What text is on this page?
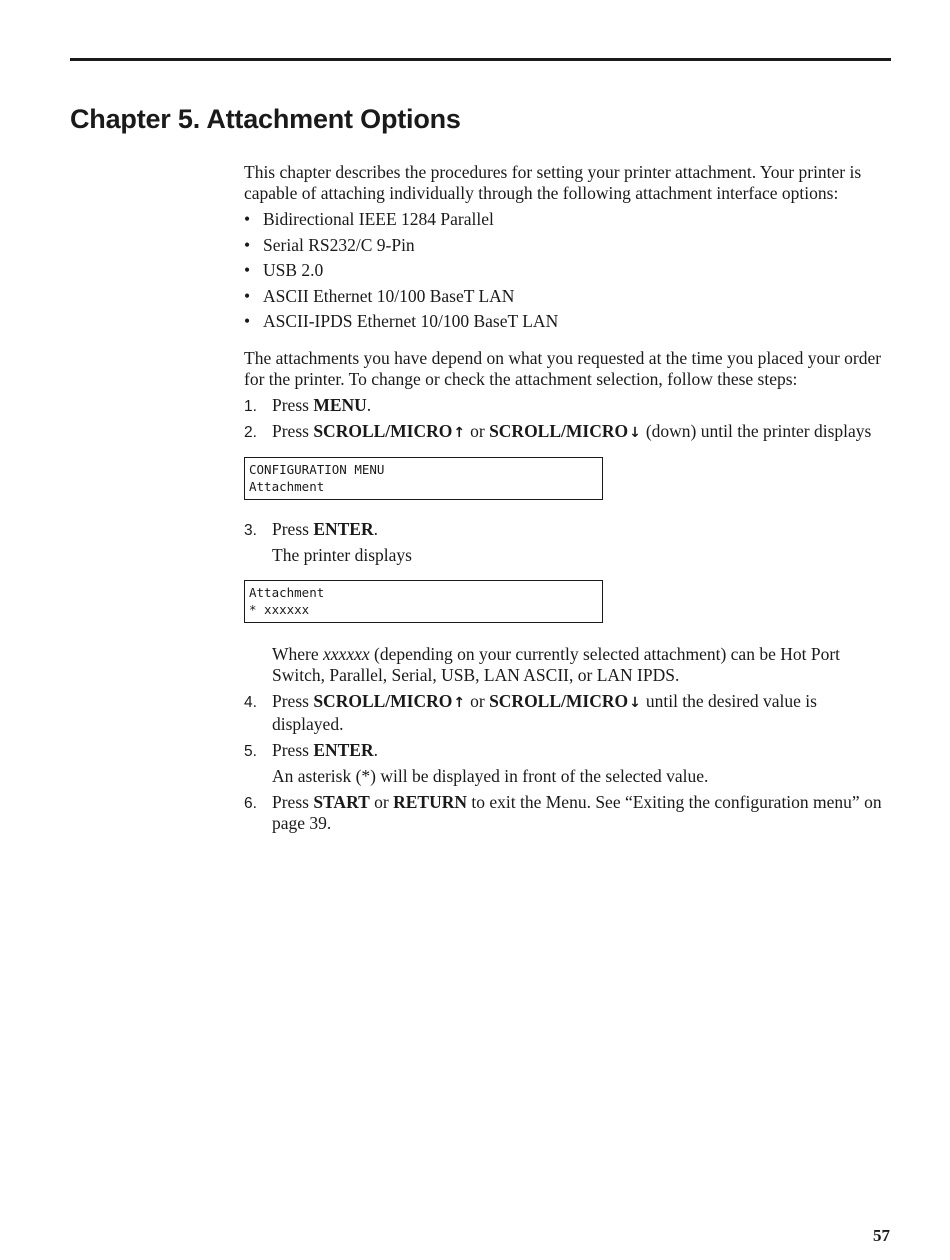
Chapter 5. Attachment Options

This chapter describes the procedures for setting your printer attachment. Your printer is capable of attaching individually through the following attachment interface options:

• Bidirectional IEEE 1284 Parallel
• Serial RS232/C 9-Pin
• USB 2.0
• ASCII Ethernet 10/100 BaseT LAN
• ASCII-IPDS Ethernet 10/100 BaseT LAN

The attachments you have depend on what you requested at the time you placed your order for the printer. To change or check the attachment selection, follow these steps:

1. Press MENU.
2. Press SCROLL/MICRO↑ or SCROLL/MICRO↓ (down) until the printer displays
CONFIGURATION MENU
Attachment
3. Press ENTER.
The printer displays
Attachment
* xxxxxx
Where xxxxxx (depending on your currently selected attachment) can be Hot Port Switch, Parallel, Serial, USB, LAN ASCII, or LAN IPDS.
4. Press SCROLL/MICRO↑ or SCROLL/MICRO↓ until the desired value is displayed.
5. Press ENTER.
An asterisk (*) will be displayed in front of the selected value.
6. Press START or RETURN to exit the Menu. See “Exiting the configuration menu” on page 39.
57
